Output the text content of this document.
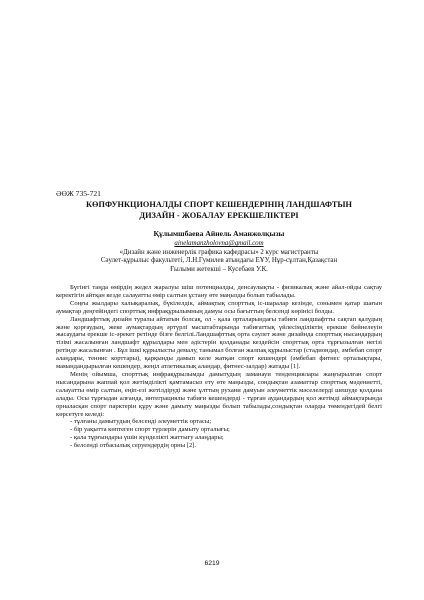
ӘӨЖ 735-721
КӨПФУНКЦИОНАЛДЫ СПОРТ КЕШЕНДЕРІНІҢ ЛАНДШАФТЫН
ДИЗАЙН - ЖОБАЛАУ ЕРЕКШЕЛІКТЕРІ
Құлымшбаева Айнель Аманжолқызы
ainelamanzholovna@gmail.com
«Дизайн және инженерлік графика кафедрасы» 2 курс магистранты
Сәулет-құрылыс факультеті, Л.Н.Гумилев атындағы ЕҰУ, Нұр-сұлтан,Қазақстан
Ғылыми жетекші – Кусебаев У.К.

Бүгінгі таңда өмірдің жедел жаралуы шіш потенциалды, денсаулықты - физикалық және айал-ойды сақтау керектігін айтқан кезде салауатты өмір салтын ұстану өте маңызды болып табылады.

Соңғы жылдары халықаралық, бүкілелдік, аймақтық спорттық іс-шаралар кезінде, сонымен қатар шағын аумақтар деңгейіндегі спорттық инфрақұрылымның дамуы осы бағыттың белсенді көрінісі болды.

Ландшафттық дизайн туралы айтатын болсақ, ол - қала орталарындағы табиғи ландшафтты сақтап қалудың және қорғаудың, жеке аумақтардың әртүрлі масштабтарында табиғаттық үйлесімділіктің ерекше бейнелеуін жасаудағы ерекше іс-әрекет ретінде бізге белгілі.Ландшафттық орта сәулет және дизайнда спорттық нысандардың тізімі жасалынған ландшафт құрылдары мен әдістерін қолданады кездейсін спорттық орта тұрғызылған негізі ретінде жасалынған . Бұл ішкі құрылысты демалу, танымал болған жалпақ құрылыстар (стадиондар, әмбебап спорт алаңдары, теннис корттары), қарқынды дамып келе жатқан спорт кешендері (әмбебап фитнес орталықтары, мамандандырылған кешендер, жеңіл атлетикалық аландар, фитнес-залдар) жатады [1].

Менің ойымша, спорттық инфрақұрылымды дамытудың заманауи тенденциялары жаңғырылған спорт нысандарына жаппай қол жетімділікті қамтамасыз ету өте маңызды, сондықтан азаматтар спорттық мәдениетті, салауатты өмір салтын, еңіп-езі жетілдіруді және ұлттың рухани дамуын әлеуметтік мәселелерді шешуде қолдана алады. Осы тұрғыдан алғанда, интеграциялы табиғи кешендерді - тұрған аудандардың қол жетімді аймақтарында орналасқан спорт парктерін құру және дамыту маңызды болып табылады,сондықтан оларды төмендегідей белгі көрсетуге келеді:

- тұлғаны дамытудың белсенді әлеуметтік ортасы;
- бір уақытта көптеген спорт түрлерін дамыту орталығы;
- қала тұрғындары үшін күнделікті жаттығу алаңдары;
- белсенді отбасылық серуендердің орны [2].
6219
